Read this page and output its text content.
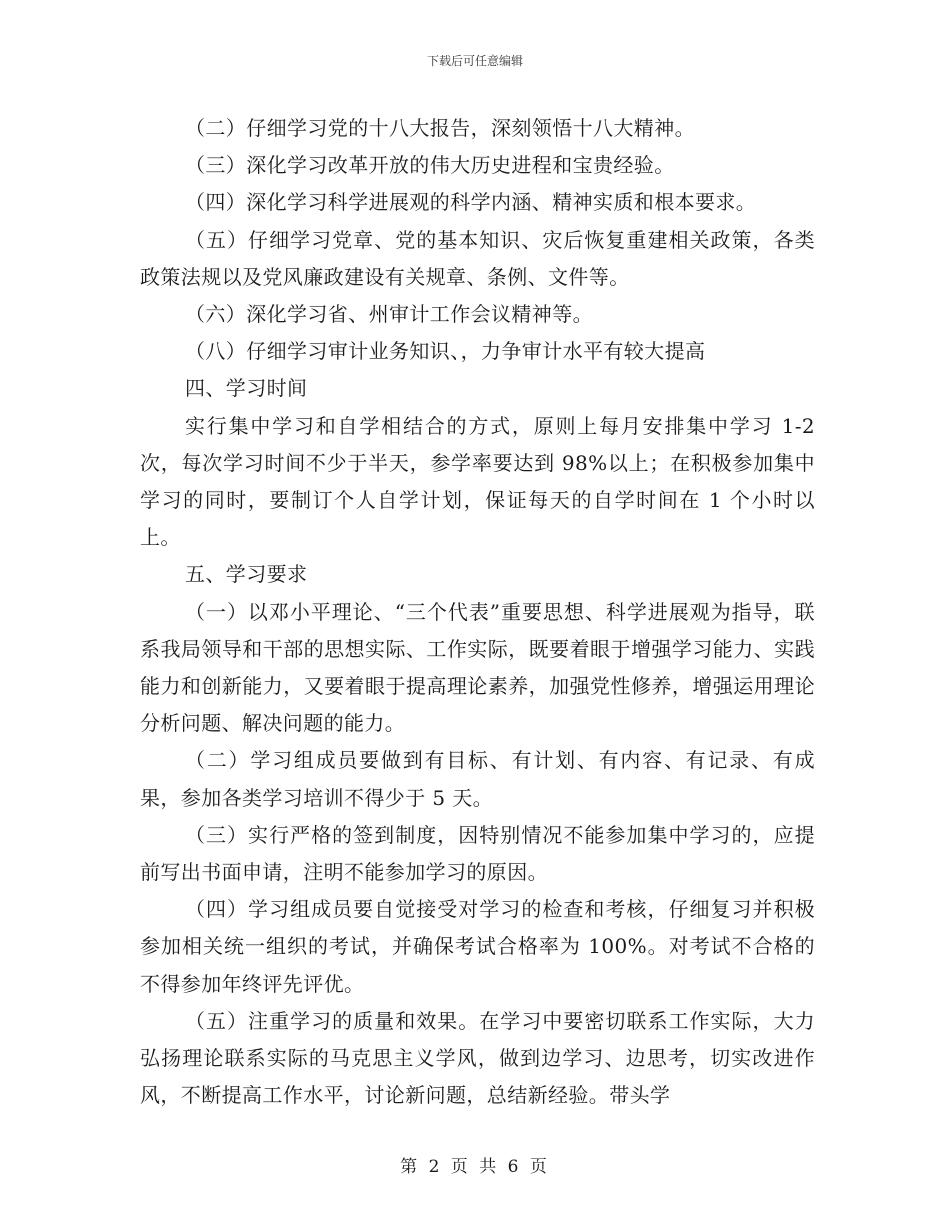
下载后可任意编辑

（二）仔细学习党的十八大报告，深刻领悟十八大精神。

（三）深化学习改革开放的伟大历史进程和宝贵经验。

（四）深化学习科学进展观的科学内涵、精神实质和根本要求。

（五）仔细学习党章、党的基本知识、灾后恢复重建相关政策，各类政策法规以及党风廉政建设有关规章、条例、文件等。

（六）深化学习省、州审计工作会议精神等。

（八）仔细学习审计业务知识、，力争审计水平有较大提高

四、学习时间

实行集中学习和自学相结合的方式，原则上每月安排集中学习 1-2 次，每次学习时间不少于半天，参学率要达到 98%以上；在积极参加集中学习的同时，要制订个人自学计划，保证每天的自学时间在 1 个小时以上。

五、学习要求

（一）以邓小平理论、“三个代表”重要思想、科学进展观为指导，联系我局领导和干部的思想实际、工作实际，既要着眼于增强学习能力、实践能力和创新能力，又要着眼于提高理论素养，加强党性修养，增强运用理论分析问题、解决问题的能力。

（二）学习组成员要做到有目标、有计划、有内容、有记录、有成果，参加各类学习培训不得少于 5 天。

（三）实行严格的签到制度，因特别情况不能参加集中学习的，应提前写出书面申请，注明不能参加学习的原因。

（四）学习组成员要自觉接受对学习的检查和考核，仔细复习并积极参加相关统一组织的考试，并确保考试合格率为 100%。对考试不合格的不得参加年终评先评优。

（五）注重学习的质量和效果。在学习中要密切联系工作实际，大力弘扬理论联系实际的马克思主义学风，做到边学习、边思考，切实改进作风，不断提高工作水平，讨论新问题，总结新经验。带头学

第 2 页 共 6 页
